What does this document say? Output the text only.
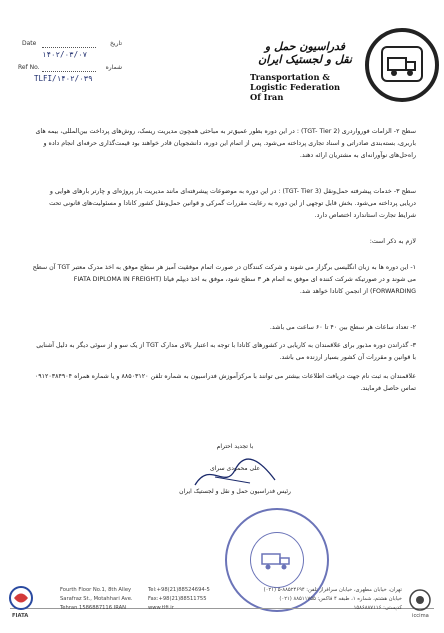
فدراسیون حمل و نقل و لجستیک ایران
Transportation &
Logistic Federation
Of Iran
Date	تاریخ
۱۴۰۲/۰۳/۰۷
Ref No.	شماره
TLFI/۱۴۰۲/۰۳۹
سطح ۲- الزامات فورواردری (TGT- Tier 2) : در این دوره بطور عمیق‌تر به مباحثی همچون مدیریت ریسک، روش‌های پرداخت بین‌المللی، بیمه های باربری، بسته‌بندی صادراتی و اسناد تجاری پرداخته می‌شود. پس از اتمام این دوره، دانشجویان قادر خواهند بود قیمت‌گذاری حرفه‌ای انجام داده و راه‌حل‌های نوآورانه‌ای به مشتریان ارائه دهند.
سطح ۳- خدمات پیشرفته حمل‌ونقل (TGT- Tier 3) : در این دوره به موضوعات پیشرفته‌ای مانند مدیریت بار پروژه‌ای و چارتر بارهای هوایی و دریایی پرداخته می‌شود. بخش قابل توجهی از این دوره به رعایت مقررات گمرکی و قوانین حمل‌ونقل کشور کانادا و مسئولیت‌های قانونی تحت شرایط تجارت استاندارد اختصاص دارد.
لازم به ذکر است:
۱- این دوره ها به زبان انگلیسی برگزار می شوند و شرکت کنندگان در صورت اتمام موفقیت آمیز هر سطح موفق به اخذ مدرک معتبر TGT آن سطح می شوند و در صورتیکه شرکت کننده ای موفق به اتمام هر ۳ سطح شود، موفق به اخذ دیپلم فیاتا (FIATA DIPLOMA IN FREIGHT FORWARDING) از انجمن کانادا خواهد شد.
۲- تعداد ساعات هر سطح بین ۴۰ تا ۶۰ ساعت می باشد.
۳- گذراندن دوره مذبور برای علاقمندان به کاریابی در کشورهای کانادا با توجه به اعتبار بالای مدارک TGT از یک سو و از سوئی دیگر به دلیل آشنایی با قوانین و مقررات آن کشور بسیار ارزنده می باشد.
علاقمندان به ثبت نام جهت دریافت اطلاعات بیشتر می توانند با مرکزآموزش فدراسیون به شماره تلفن ۸۸۵۰۳۱۲۰ و یا شماره همراه ۰۹۱۲۰۳۸۴۹۰۴ تماس حاصل فرمایند.
با تجدید احترام
علی محمودی سرای
رئیس فدراسیون حمل و نقل و لجستیک ایران
FIATA
Fourth Floor No.1, 8th Alley
Sarafraz St., Motahhari Ave.
Tehran 1586887116 IRAN
Tel:+98(21)88524694-5
Fax:+98(21)88511755
www.tlfi.ir
تهران، خیابان مطهری، خیابان سرافراز تلفن: ۸۸۵۲۴۶۹۴-۵ (۰۲۱)
خیابان هشتم، شماره ۱، طبقه ۴ فاکس: ۸۸۵۱۱۷۵۵ (۰۲۱)
کدپستی: ۱۵۸۶۸۸۷۱۱۶
iccima
